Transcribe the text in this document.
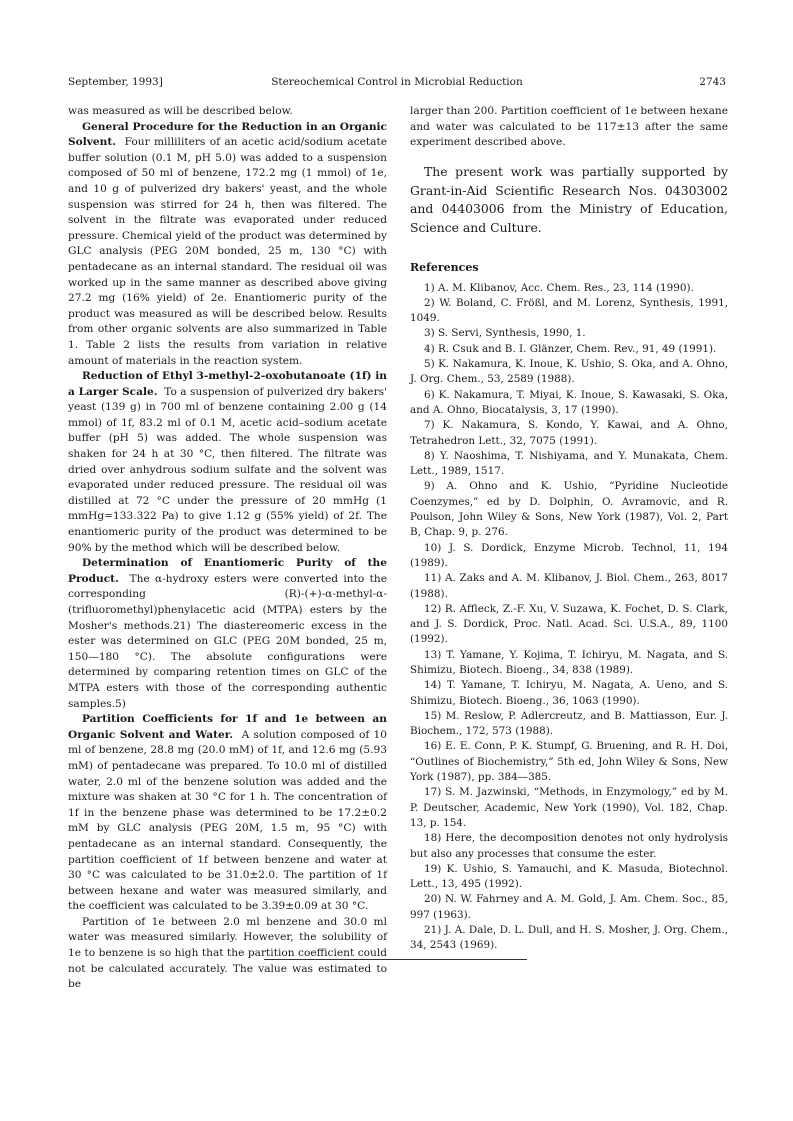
Stereochemical Control in Microbial Reduction
September, 1993]	2743

was measured as will be described below.

General Procedure for the Reduction in an Organic Solvent. Four milliliters of an acetic acid/sodium acetate buffer solution (0.1 M, pH 5.0) was added to a suspension composed of 50 ml of benzene, 172.2 mg (1 mmol) of 1e, and 10 g of pulverized dry bakers' yeast, and the whole suspension was stirred for 24 h, then was filtered. The solvent in the filtrate was evaporated under reduced pressure. Chemical yield of the product was determined by GLC analysis (PEG 20M bonded, 25 m, 130 °C) with pentadecane as an internal standard. The residual oil was worked up in the same manner as described above giving 27.2 mg (16% yield) of 2e. Enantiomeric purity of the product was measured as will be described below. Results from other organic solvents are also summarized in Table 1. Table 2 lists the results from variation in relative amount of materials in the reaction system.

Reduction of Ethyl 3-methyl-2-oxobutanoate (1f) in a Larger Scale. To a suspension of pulverized dry bakers' yeast (139 g) in 700 ml of benzene containing 2.00 g (14 mmol) of 1f, 83.2 ml of 0.1 M, acetic acid–sodium acetate buffer (pH 5) was added. The whole suspension was shaken for 24 h at 30 °C, then filtered. The filtrate was dried over anhydrous sodium sulfate and the solvent was evaporated under reduced pressure. The residual oil was distilled at 72 °C under the pressure of 20 mmHg (1 mmHg=133.322 Pa) to give 1.12 g (55% yield) of 2f. The enantiomeric purity of the product was determined to be 90% by the method which will be described below.

Determination of Enantiomeric Purity of the Product. The α-hydroxy esters were converted into the corresponding (R)-(+)-α-methyl-α-(trifluoromethyl)phenylacetic acid (MTPA) esters by the Mosher's methods.21) The diastereomeric excess in the ester was determined on GLC (PEG 20M bonded, 25 m, 150—180 °C). The absolute configurations were determined by comparing retention times on GLC of the MTPA esters with those of the corresponding authentic samples.5)

Partition Coefficients for 1f and 1e between an Organic Solvent and Water. A solution composed of 10 ml of benzene, 28.8 mg (20.0 mM) of 1f, and 12.6 mg (5.93 mM) of pentadecane was prepared. To 10.0 ml of distilled water, 2.0 ml of the benzene solution was added and the mixture was shaken at 30 °C for 1 h. The concentration of 1f in the benzene phase was determined to be 17.2±0.2 mM by GLC analysis (PEG 20M, 1.5 m, 95 °C) with pentadecane as an internal standard. Consequently, the partition coefficient of 1f between benzene and water at 30 °C was calculated to be 31.0±2.0. The partition of 1f between hexane and water was measured similarly, and the coefficient was calculated to be 3.39±0.09 at 30 °C.

Partition of 1e between 2.0 ml benzene and 30.0 ml water was measured similarly. However, the solubility of 1e to benzene is so high that the partition coefficient could not be calculated accurately. The value was estimated to be

larger than 200. Partition coefficient of 1e between hexane and water was calculated to be 117±13 after the same experiment described above.

The present work was partially supported by Grant-in-Aid Scientific Research Nos. 04303002 and 04403006 from the Ministry of Education, Science and Culture.

References

1) A. M. Klibanov, Acc. Chem. Res., 23, 114 (1990).

2) W. Boland, C. Frößl, and M. Lorenz, Synthesis, 1991, 1049.

3) S. Servi, Synthesis, 1990, 1.

4) R. Csuk and B. I. Glänzer, Chem. Rev., 91, 49 (1991).

5) K. Nakamura, K. Inoue, K. Ushio, S. Oka, and A. Ohno, J. Org. Chem., 53, 2589 (1988).

6) K. Nakamura, T. Miyai, K. Inoue, S. Kawasaki, S. Oka, and A. Ohno, Biocatalysis, 3, 17 (1990).

7) K. Nakamura, S. Kondo, Y. Kawai, and A. Ohno, Tetrahedron Lett., 32, 7075 (1991).

8) Y. Naoshima, T. Nishiyama, and Y. Munakata, Chem. Lett., 1989, 1517.

9) A. Ohno and K. Ushio, “Pyridine Nucleotide Coenzymes,” ed by D. Dolphin, O. Avramovic, and R. Poulson, John Wiley & Sons, New York (1987), Vol. 2, Part B, Chap. 9, p. 276.

10) J. S. Dordick, Enzyme Microb. Technol, 11, 194 (1989).

11) A. Zaks and A. M. Klibanov, J. Biol. Chem., 263, 8017 (1988).

12) R. Affleck, Z.-F. Xu, V. Suzawa, K. Fochet, D. S. Clark, and J. S. Dordick, Proc. Natl. Acad. Sci. U.S.A., 89, 1100 (1992).

13) T. Yamane, Y. Kojima, T. Ichiryu, M. Nagata, and S. Shimizu, Biotech. Bioeng., 34, 838 (1989).

14) T. Yamane, T. Ichiryu, M. Nagata, A. Ueno, and S. Shimizu, Biotech. Bioeng., 36, 1063 (1990).

15) M. Reslow, P. Adlercreutz, and B. Mattiasson, Eur. J. Biochem., 172, 573 (1988).

16) E. E. Conn, P. K. Stumpf, G. Bruening, and R. H. Doi, “Outlines of Biochemistry,” 5th ed, John Wiley & Sons, New York (1987), pp. 384—385.

17) S. M. Jazwinski, “Methods, in Enzymology,” ed by M. P. Deutscher, Academic, New York (1990), Vol. 182, Chap. 13, p. 154.

18) Here, the decomposition denotes not only hydrolysis but also any processes that consume the ester.

19) K. Ushio, S. Yamauchi, and K. Masuda, Biotechnol. Lett., 13, 495 (1992).

20) N. W. Fahrney and A. M. Gold, J. Am. Chem. Soc., 85, 997 (1963).

21) J. A. Dale, D. L. Dull, and H. S. Mosher, J. Org. Chem., 34, 2543 (1969).
